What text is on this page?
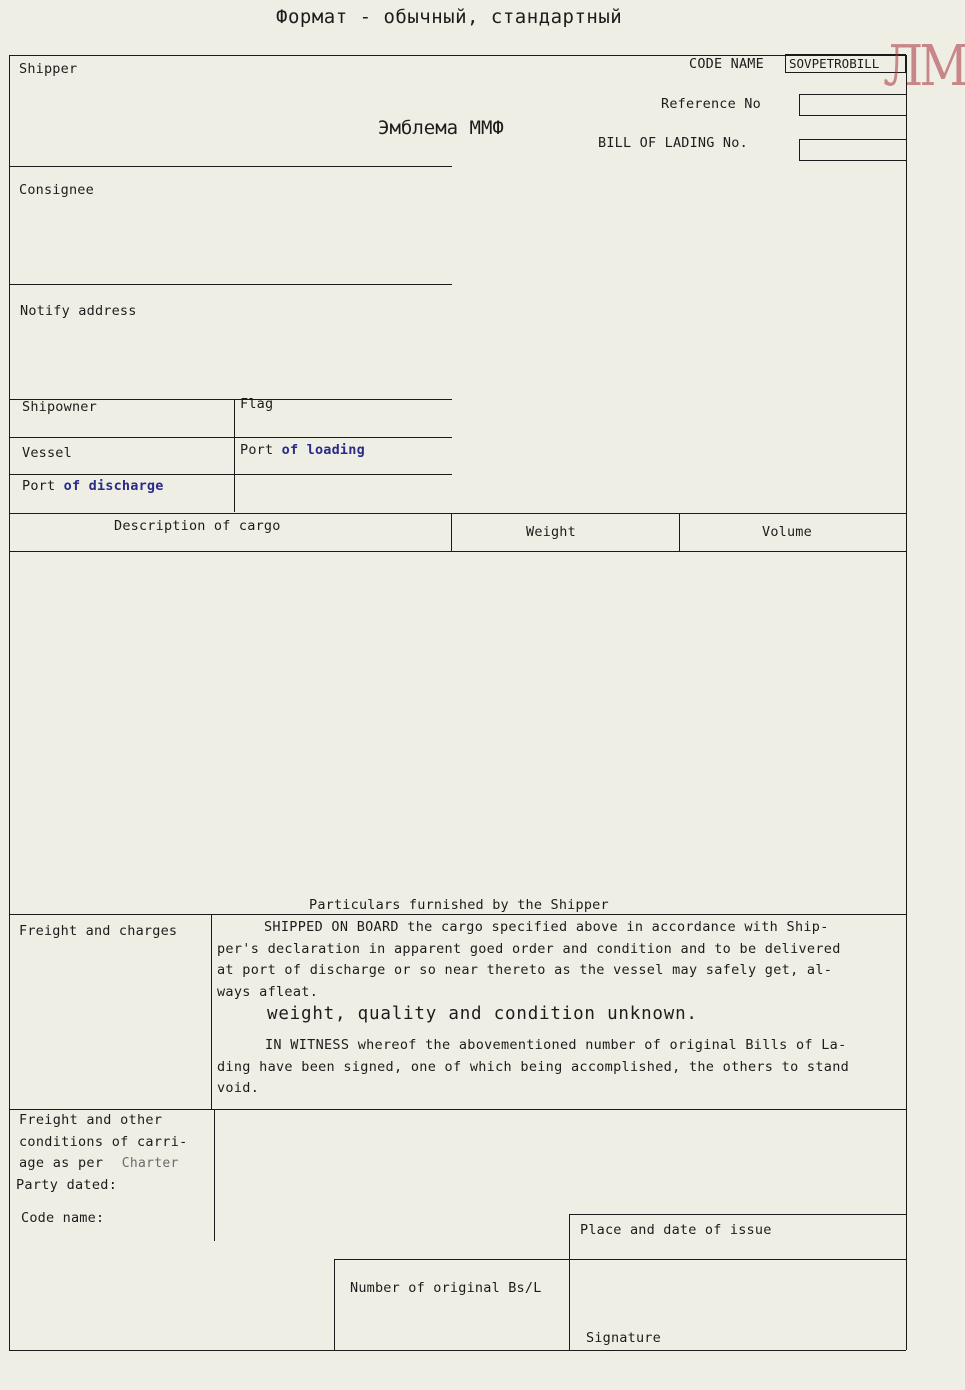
Формат - обычный, стандартный
CODE NAME	SOVPETROBILL ЛМ
Reference No
Эмблема ММФ
BILL OF LADING No.
Shipper
Consignee
Notify address
Shipowner	Flag
Vessel	Port of loading
Port of discharge
Description of cargo	Weight	Volume
Particulars furnished by the Shipper
Freight and charges	SHIPPED ON BOARD the cargo specified above in accordance with Ship-
per's declaration in apparent goed order and condition and to be delivered
at port of discharge or so near thereto as the vessel may safely get, al-
ways afleat.
weight, quality and condition unknown.
IN WITNESS whereof the abovementioned number of original Bills of La-
ding have been signed, one of which being accomplished, the others to stand
void.
Freight and other
conditions of carri-
age as per Charter
Party dated:
Code name:
Place and date of issue
Number of original Bs/L
Signature
